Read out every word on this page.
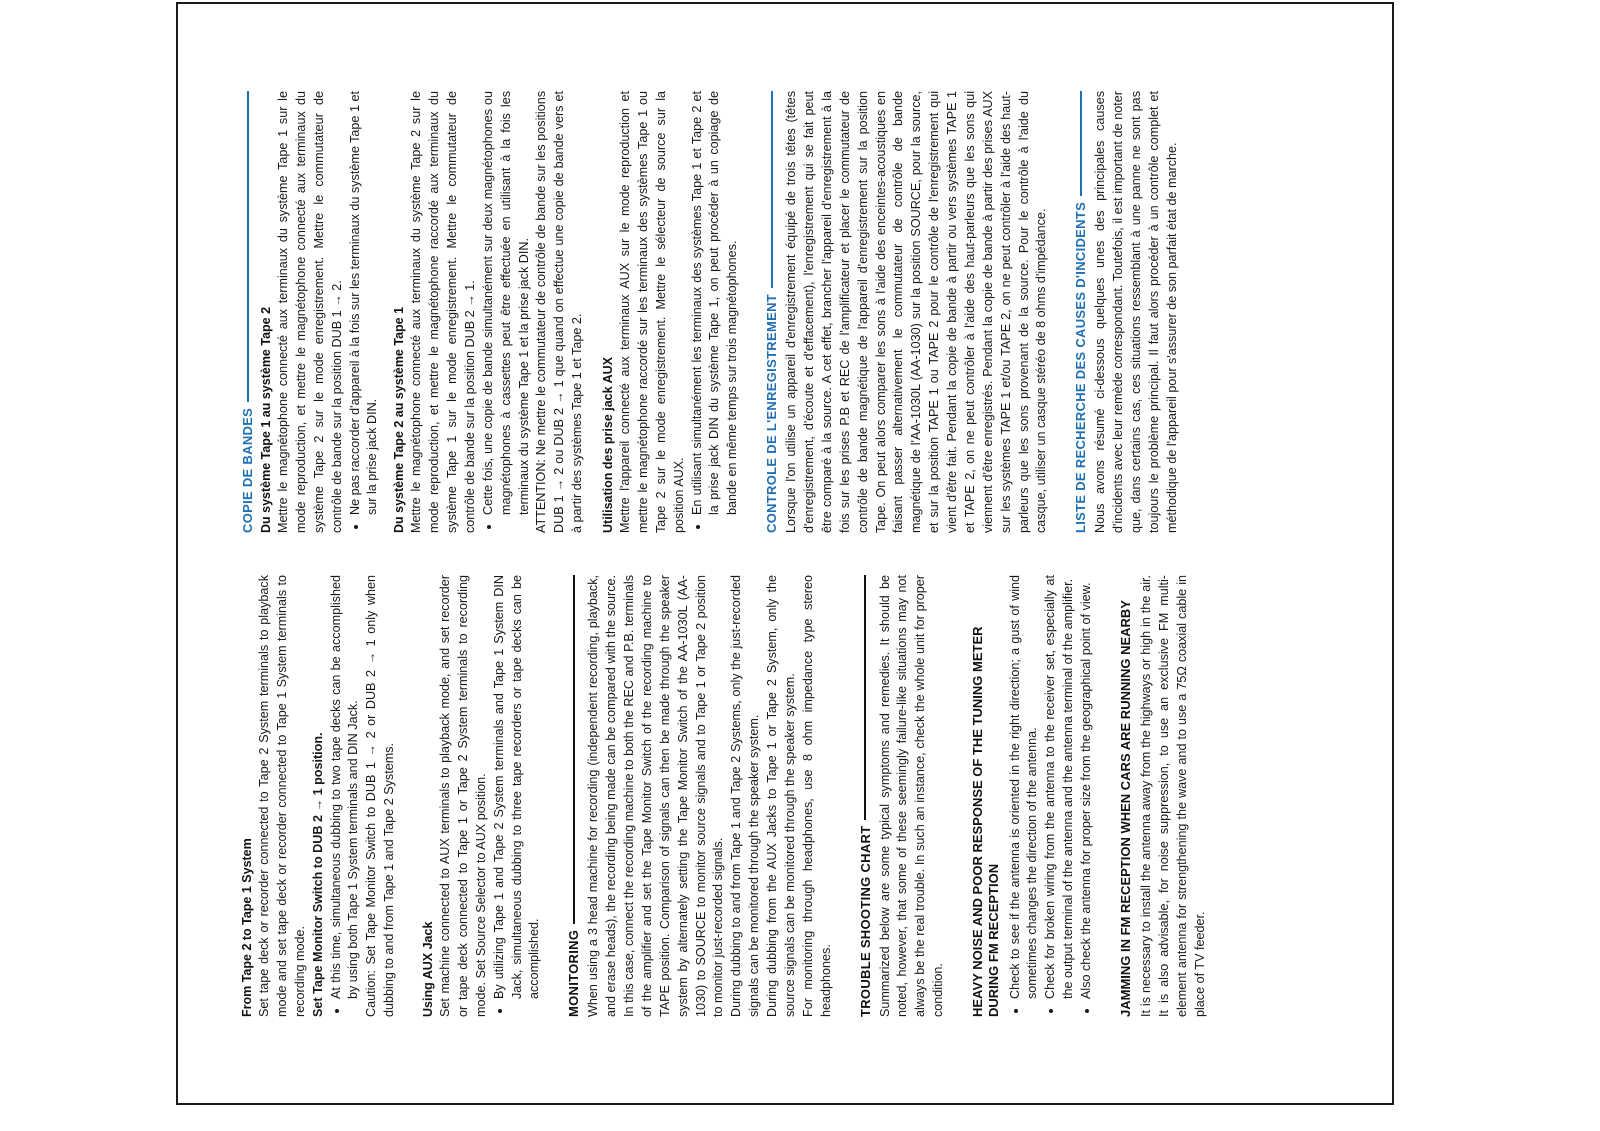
From Tape 2 to Tape 1 System Set tape deck or recorder connected to Tape 2 System terminals to playback mode and set tape deck or recorder connected to Tape 1 System terminals to recording mode. Set Tape Monitor Switch to DUB 2 → 1 position. • At this time, simultaneous dubbing to two tape decks can be accomplished by using both Tape 1 System terminals and DIN Jack. Caution: Set Tape Monitor Switch to DUB 1 → 2 or DUB 2 → 1 only when dubbing to and from Tape 1 and Tape 2 Systems. Using AUX Jack Set machine connected to AUX terminals to playback mode, and set recorder or tape deck connected to Tape 1 or Tape 2 System terminals to recording mode. Set Source Selector to AUX position. • By utilizing Tape 1 and Tape 2 System terminals and Tape 1 System DIN Jack, simultaneous dubbing to three tape recorders or tape decks can be accomplished. MONITORING When using a 3 head machine for recording (independent recording, playback, and erase heads), the recording being made can be compared with the source. In this case, connect the recording machine to both the REC and P.B. terminals of the amplifier and set the Tape Monitor Switch of the recording machine to TAPE position. Comparison of signals can then be made through the speaker system by alternately setting the Tape Monitor Switch of the AA-1030L (AA-1030) to SOURCE to monitor source signals and to Tape 1 or Tape 2 position to monitor just-recorded signals. During dubbing to and from Tape 1 and Tape 2 Systems, only the just-recorded signals can be monitored through the speaker system. During dubbing from the AUX Jacks to Tape 1 or Tape 2 System, only the source signals can be monitored through the speaker system. For monitoring through headphones, use 8 ohm impedance type stereo headphones. TROUBLE SHOOTING CHART Summarized below are some typical symptoms and remedies. It should be noted, however, that some of these seemingly failure-like situations may not always be the real trouble. In such an instance, check the whole unit for proper condition. HEAVY NOISE AND POOR RESPONSE OF THE TUNING METER DURING FM RECEPTION • Check to see if the antenna is oriented in the right direction; a gust of wind sometimes changes the direction of the antenna. • Check for broken wiring from the antenna to the receiver set, especially at the output terminal of the antenna and the antenna terminal of the amplifier. • Also check the antenna for proper size from the geographical point of view. JAMMING IN FM RECEPTION WHEN CARS ARE RUNNING NEARBY It is necessary to install the antenna away from the highways or high in the air. It is also advisable, for noise suppression, to use an exclusive FM multi-element antenna for strengthening the wave and to use a 75Ω coaxial cable in place of TV feeder.

COPIE DE BANDES Du système Tape 1 au système Tape 2 Mettre le magnétophone connecté aux terminaux du système Tape 1 sur le mode reproduction, et mettre le magnétophone connecté aux terminaux du système Tape 2 sur le mode enregistrement. Mettre le commutateur de contrôle de bande sur la position DUB 1 → 2. • Ne pas raccorder d'appareil à la fois sur les terminaux du système Tape 1 et sur la prise jack DIN. Du système Tape 2 au système Tape 1 Mettre le magnétophone connecté aux terminaux du système Tape 2 sur le mode reproduction, et mettre le magnétophone raccordé aux terminaux du système Tape 1 sur le mode enregistrement. Mettre le commutateur de contrôle de bande sur la position DUB 2 → 1. • Cette fois, une copie de bande simultanément sur deux magnétophones ou magnétophones à cassettes peut être effectuée en utilisant à la fois les terminaux du système Tape 1 et la prise jack DIN. ATTENTION: Ne mettre le commutateur de contrôle de bande sur les positions DUB 1 → 2 ou DUB 2 → 1 que quand on effectue une copie de bande vers et à partir des systèmes Tape 1 et Tape 2. Utilisation des prise jack AUX Mettre l'appareil connecté aux terminaux AUX sur le mode reproduction et mettre le magnétophone raccordé sur les terminaux des systèmes Tape 1 ou Tape 2 sur le mode enregistrement. Mettre le sélecteur de source sur la position AUX. • En utilisant simultanément les terminaux des systèmes Tape 1 et Tape 2 et la prise jack DIN du système Tape 1, on peut procéder à un copiage de bande en même temps sur trois magnétophones. CONTROLE DE L'ENREGISTREMENT Lorsque l'on utilise un appareil d'enregistrement équipé de trois têtes (têtes d'enregistrement, d'écoute et d'effacement), l'enregistrement qui se fait peut être comparé à la source. A cet effet, brancher l'appareil d'enregistrement à la fois sur les prises P.B et REC de l'amplificateur et placer le commutateur de contrôle de bande magnétique de l'appareil d'enregistrement sur la position Tape. On peut alors comparer les sons à l'aide des enceintes-acoustiques en faisant passer alternativement le commutateur de contrôle de bande magnétique de l'AA-1030L (AA-1030) sur la position SOURCE, pour la source, et sur la position TAPE 1 ou TAPE 2 pour le contrôle de l'enregistrement qui vient d'être fait. Pendant la copie de bande à partir ou vers systèmes TAPE 1 et TAPE 2, on ne peut contrôler à l'aide des haut-parleurs que les sons qui viennent d'être enregistrés. Pendant la copie de bande à partir des prises AUX sur les systèmes TAPE 1 et/ou TAPE 2, on ne peut contrôler à l'aide des haut-parleurs que les sons provenant de la source. Pour le contrôle à l'aide du casque, utiliser un casque stéréo de 8 ohms d'impédance. LISTE DE RECHERCHE DES CAUSES D'INCIDENTS Nous avons résumé ci-dessous quelques unes des principales causes d'incidents avec leur remède correspondant. Toutefois, il est important de noter que, dans certains cas, ces situations ressemblant à une panne ne sont pas toujours le problème principal. Il faut alors procéder à un contrôle complet et méthodique de l'appareil pour s'assurer de son parfait état de marche.
